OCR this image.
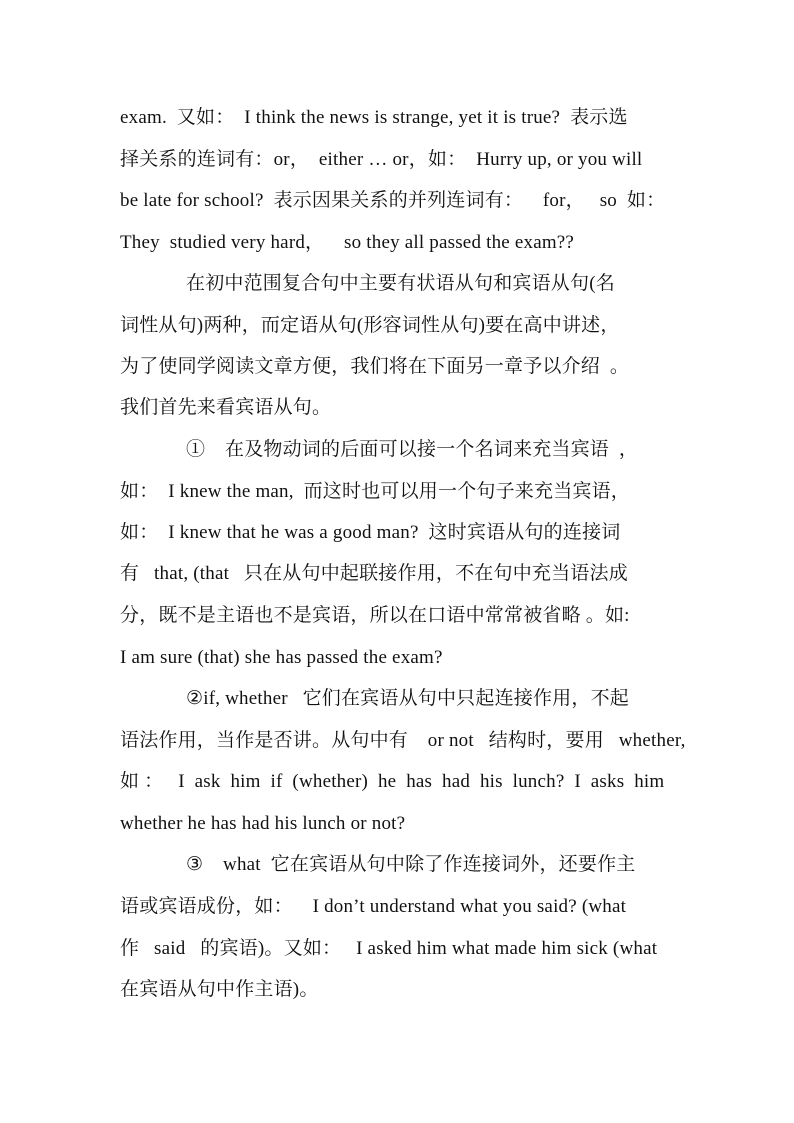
exam.  又如：  I think the news is strange, yet it is true?  表示选
择关系的连词有：or，  either … or，如：  Hurry up, or you will
be late for school?  表示因果关系的并列连词有：    for，   so  如：
They  studied very hard，    so they all passed the exam??
在初中范围复合句中主要有状语从句和宾语从句(名
词性从句)两种，而定语从句(形容词性从句)要在高中讲述，
为了使同学阅读文章方便，我们将在下面另一章予以介绍  。
我们首先来看宾语从句。
①    在及物动词的后面可以接一个名词来充当宾语  ，
如：  I knew the man,  而这时也可以用一个句子来充当宾语，
如：  I knew that he was a good man?  这时宾语从句的连接词
有   that, (that   只在从句中起联接作用，不在句中充当语法成
分，既不是主语也不是宾语，所以在口语中常常被省略 。如:
I am sure (that) she has passed the exam?
②if, whether   它们在宾语从句中只起连接作用，不起
语法作用，当作是否讲。从句中有    or not   结构时，要用   whether,
如 ：   I  ask  him  if  (whether)  he  has  had  his  lunch?  I  asks  him
whether he has had his lunch or not?
③    what  它在宾语从句中除了作连接词外，还要作主
语或宾语成份，如：    I don’t understand what you said? (what
作   said   的宾语)。又如：   I asked him what made him sick (what
在宾语从句中作主语)。
